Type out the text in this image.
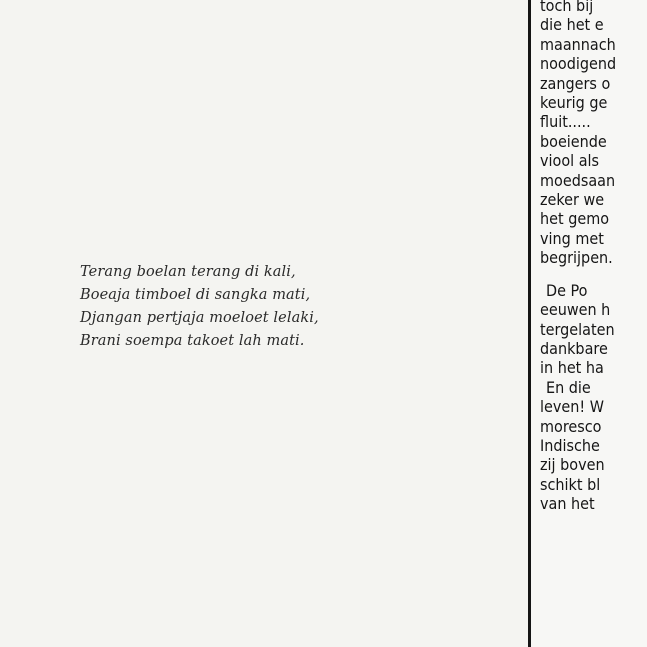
Terang boelan terang di kali,
Boeaja timboel di sangka mati,
Djangan pertjaja moeloet lelaki,
Brani soempa takoet lah mati.
toch bij
die het e
maannach
noodigend
zangers o
keurig ge
fluit.....
boeiende
viool als
moedsaan
zeker we
het gemo
ving met
begrijpen.
De Po
eeuwen h
tergelaten
dankbare
in het ha
En die
leven! W
moresco
Indische
zij boven
schikt bl
van het
